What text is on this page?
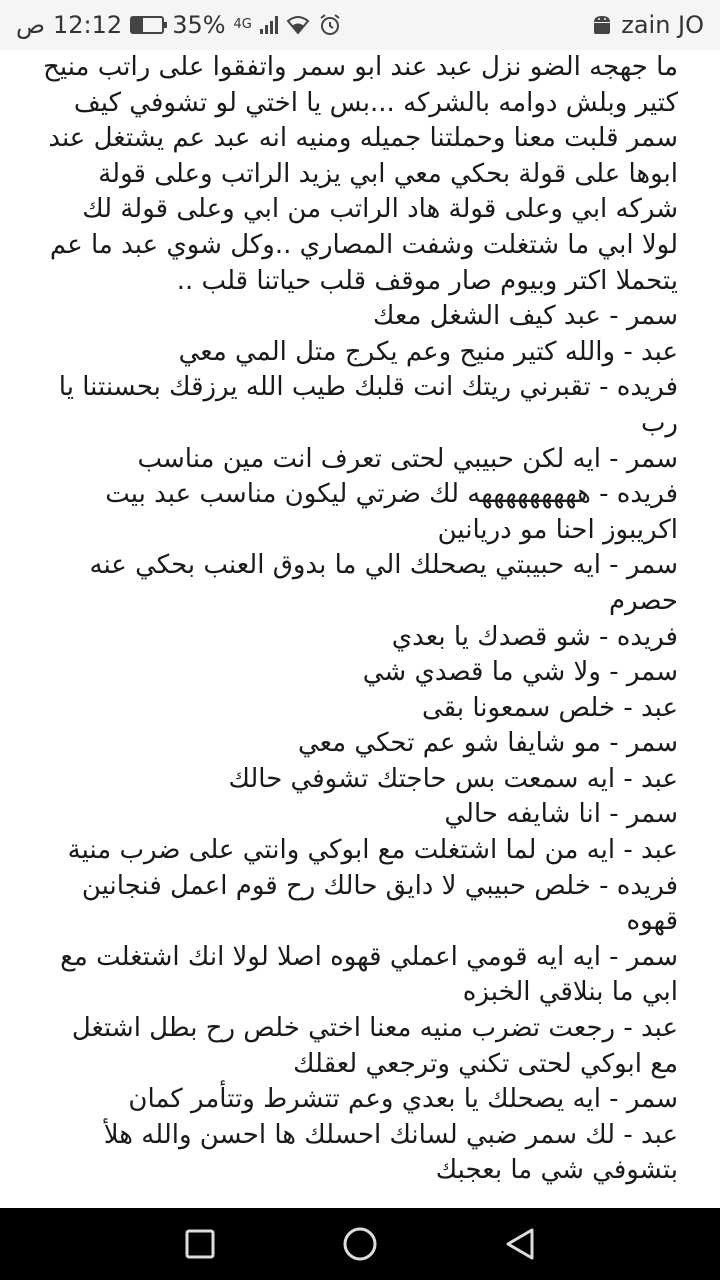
ص 12:12 35% 4G	zain JO

ما جهجه الضو نزل عبد عند ابو سمر واتفقوا على راتب منيح كتير وبلش دوامه بالشركه ...بس يا اختي لو تشوفي كيف سمر قلبت معنا وحملتنا جميله ومنيه انه عبد عم يشتغل عند ابوها على قولة بحكي معي ابي يزيد الراتب وعلى قولة شركه ابي وعلى قولة هاد الراتب من ابي وعلى قولة لك لولا ابي ما شتغلت وشفت المصاري ..وكل شوي عبد ما عم يتحملا اكتر وبيوم صار موقف قلب حياتنا قلب ..

سمر - عبد كيف الشغل معك

عبد - والله كتير منيح وعم يكرج متل المي معي

فريده - تقبرني ريتك انت قلبك طيب الله يرزقك بحسنتنا يا رب

سمر - ايه لكن حبيبي لحتى تعرف انت مين مناسب

فريده - هههههههههه لك ضرتي ليكون مناسب عبد بيت اكريبوز احنا مو دريانين

سمر - ايه حبيبتي يصحلك الي ما بدوق العنب بحكي عنه حصرم

فريده - شو قصدك يا بعدي

سمر - ولا شي ما قصدي شي

عبد - خلص سمعونا بقى

سمر - مو شايفا شو عم تحكي معي

عبد - ايه سمعت بس حاجتك تشوفي حالك

سمر - انا شايفه حالي

عبد - ايه من لما اشتغلت مع ابوكي وانتي على ضرب منية

فريده - خلص حبيبي لا دايق حالك رح قوم اعمل فنجانين قهوه

سمر - ايه ايه قومي اعملي قهوه اصلا لولا انك اشتغلت مع ابي ما بنلاقي الخبزه

عبد - رجعت تضرب منيه معنا اختي خلص رح بطل اشتغل مع ابوكي لحتى تكني وترجعي لعقلك

سمر - ايه يصحلك يا بعدي وعم تتشرط وتتأمر كمان

عبد - لك سمر ضبي لسانك احسلك ها احسن والله هلأ بتشوفي شي ما بعجبك
